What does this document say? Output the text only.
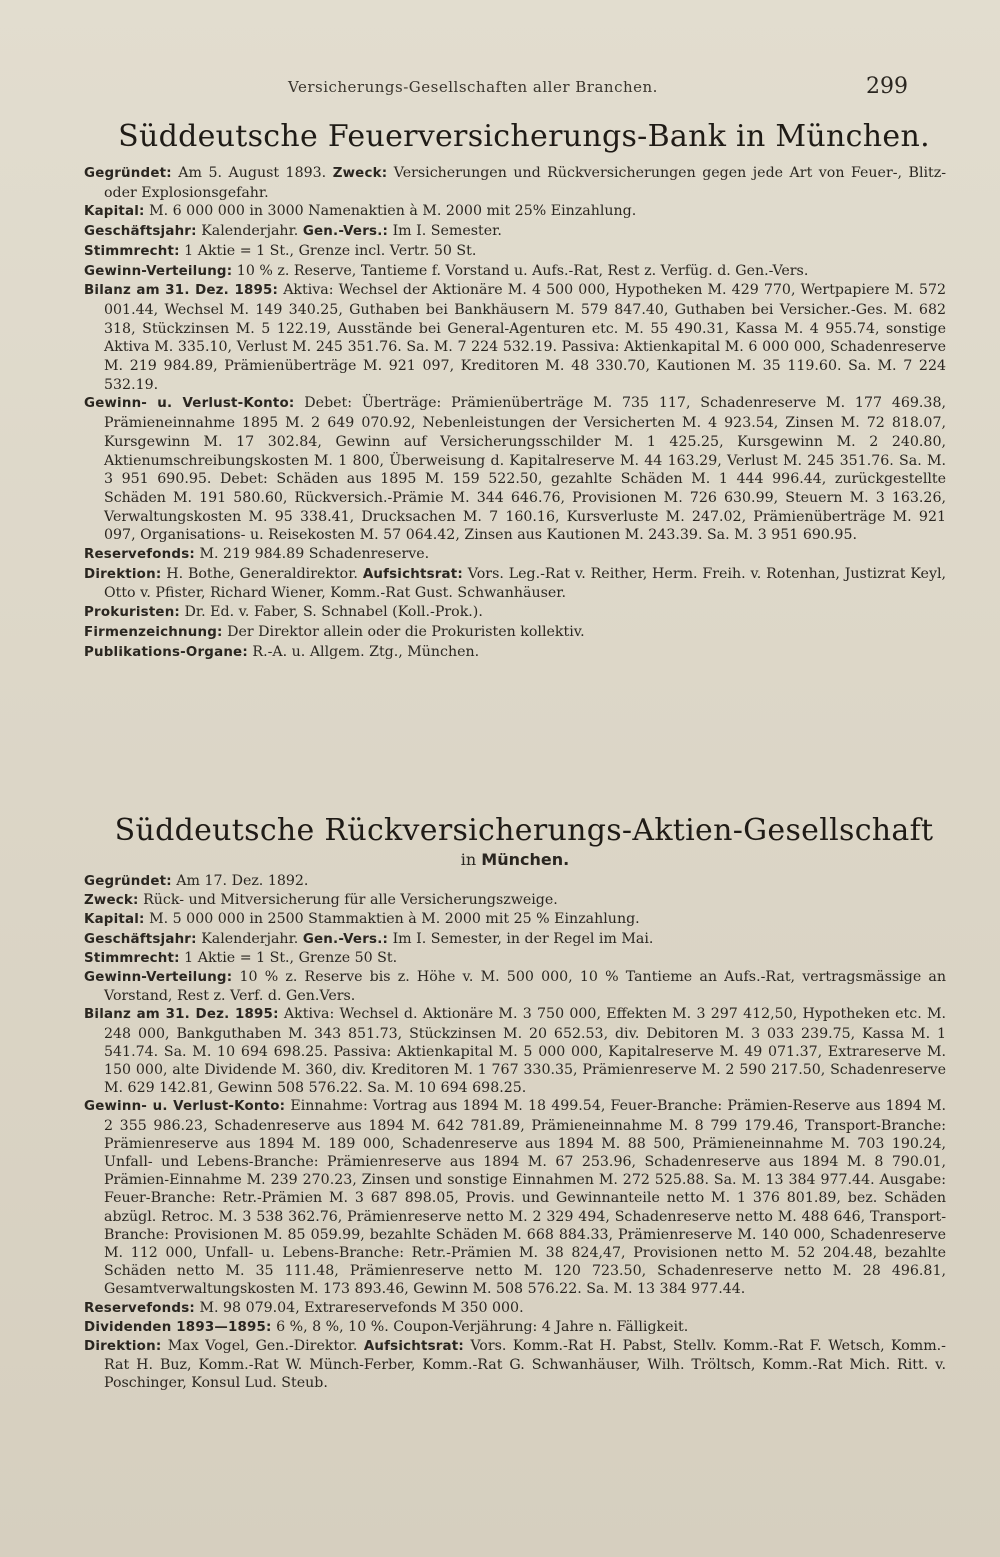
Versicherungs-Gesellschaften aller Branchen.	299
Süddeutsche Feuerversicherungs-Bank in München.

Gegründet: Am 5. August 1893. Zweck: Versicherungen und Rückversicherungen gegen jede Art von Feuer-, Blitz- oder Explosionsgefahr.

Kapital: M. 6 000 000 in 3000 Namenaktien à M. 2000 mit 25% Einzahlung.

Geschäftsjahr: Kalenderjahr. Gen.-Vers.: Im I. Semester.

Stimmrecht: 1 Aktie = 1 St., Grenze incl. Vertr. 50 St.

Gewinn-Verteilung: 10 % z. Reserve, Tantieme f. Vorstand u. Aufs.-Rat, Rest z. Verfüg. d. Gen.-Vers.

Bilanz am 31. Dez. 1895: Aktiva: Wechsel der Aktionäre M. 4 500 000, Hypotheken M. 429 770, Wertpapiere M. 572 001.44, Wechsel M. 149 340.25, Guthaben bei Bankhäusern M. 579 847.40, Guthaben bei Versicher.-Ges. M. 682 318, Stückzinsen M. 5 122.19, Ausstände bei General-Agenturen etc. M. 55 490.31, Kassa M. 4 955.74, sonstige Aktiva M. 335.10, Verlust M. 245 351.76. Sa. M. 7 224 532.19. Passiva: Aktienkapital M. 6 000 000, Schadenreserve M. 219 984.89, Prämienüberträge M. 921 097, Kreditoren M. 48 330.70, Kautionen M. 35 119.60. Sa. M. 7 224 532.19.

Gewinn- u. Verlust-Konto: Debet: Überträge: Prämienüberträge M. 735 117, Schadenreserve M. 177 469.38, Prämieneinnahme 1895 M. 2 649 070.92, Nebenleistungen der Versicherten M. 4 923.54, Zinsen M. 72 818.07, Kursgewinn M. 17 302.84, Gewinn auf Versicherungsschilder M. 1 425.25, Kursgewinn M. 2 240.80, Aktienumschreibungskosten M. 1 800, Überweisung d. Kapitalreserve M. 44 163.29, Verlust M. 245 351.76. Sa. M. 3 951 690.95. Debet: Schäden aus 1895 M. 159 522.50, gezahlte Schäden M. 1 444 996.44, zurückgestellte Schäden M. 191 580.60, Rückversich.-Prämie M. 344 646.76, Provisionen M. 726 630.99, Steuern M. 3 163.26, Verwaltungskosten M. 95 338.41, Drucksachen M. 7 160.16, Kursverluste M. 247.02, Prämienüberträge M. 921 097, Organisations- u. Reisekosten M. 57 064.42, Zinsen aus Kautionen M. 243.39. Sa. M. 3 951 690.95.

Reservefonds: M. 219 984.89 Schadenreserve.

Direktion: H. Bothe, Generaldirektor. Aufsichtsrat: Vors. Leg.-Rat v. Reither, Herm. Freih. v. Rotenhan, Justizrat Keyl, Otto v. Pfister, Richard Wiener, Komm.-Rat Gust. Schwanhäuser.

Prokuristen: Dr. Ed. v. Faber, S. Schnabel (Koll.-Prok.).

Firmenzeichnung: Der Direktor allein oder die Prokuristen kollektiv.

Publikations-Organe: R.-A. u. Allgem. Ztg., München.

Süddeutsche Rückversicherungs-Aktien-Gesellschaft
in München.

Gegründet: Am 17. Dez. 1892.

Zweck: Rück- und Mitversicherung für alle Versicherungszweige.

Kapital: M. 5 000 000 in 2500 Stammaktien à M. 2000 mit 25 % Einzahlung.

Geschäftsjahr: Kalenderjahr. Gen.-Vers.: Im I. Semester, in der Regel im Mai.

Stimmrecht: 1 Aktie = 1 St., Grenze 50 St.

Gewinn-Verteilung: 10 % z. Reserve bis z. Höhe v. M. 500 000, 10 % Tantieme an Aufs.-Rat, vertragsmässige an Vorstand, Rest z. Verf. d. Gen.Vers.

Bilanz am 31. Dez. 1895: Aktiva: Wechsel d. Aktionäre M. 3 750 000, Effekten M. 3 297 412,50, Hypotheken etc. M. 248 000, Bankguthaben M. 343 851.73, Stückzinsen M. 20 652.53, div. Debitoren M. 3 033 239.75, Kassa M. 1 541.74. Sa. M. 10 694 698.25. Passiva: Aktienkapital M. 5 000 000, Kapitalreserve M. 49 071.37, Extrareserve M. 150 000, alte Dividende M. 360, div. Kreditoren M. 1 767 330.35, Prämienreserve M. 2 590 217.50, Schadenreserve M. 629 142.81, Gewinn 508 576.22. Sa. M. 10 694 698.25.

Gewinn- u. Verlust-Konto: Einnahme: Vortrag aus 1894 M. 18 499.54, Feuer-Branche: Prämien-Reserve aus 1894 M. 2 355 986.23, Schadenreserve aus 1894 M. 642 781.89, Prämieneinnahme M. 8 799 179.46, Transport-Branche: Prämienreserve aus 1894 M. 189 000, Schadenreserve aus 1894 M. 88 500, Prämieneinnahme M. 703 190.24, Unfall- und Lebens-Branche: Prämienreserve aus 1894 M. 67 253.96, Schadenreserve aus 1894 M. 8 790.01, Prämien-Einnahme M. 239 270.23, Zinsen und sonstige Einnahmen M. 272 525.88. Sa. M. 13 384 977.44. Ausgabe: Feuer-Branche: Retr.-Prämien M. 3 687 898.05, Provis. und Gewinnanteile netto M. 1 376 801.89, bez. Schäden abzügl. Retroc. M. 3 538 362.76, Prämienreserve netto M. 2 329 494, Schadenreserve netto M. 488 646, Transport-Branche: Provisionen M. 85 059.99, bezahlte Schäden M. 668 884.33, Prämienreserve M. 140 000, Schadenreserve M. 112 000, Unfall- u. Lebens-Branche: Retr.-Prämien M. 38 824,47, Provisionen netto M. 52 204.48, bezahlte Schäden netto M. 35 111.48, Prämienreserve netto M. 120 723.50, Schadenreserve netto M. 28 496.81, Gesamtverwaltungskosten M. 173 893.46, Gewinn M. 508 576.22. Sa. M. 13 384 977.44.

Reservefonds: M. 98 079.04, Extrareservefonds M 350 000.

Dividenden 1893—1895: 6 %, 8 %, 10 %. Coupon-Verjährung: 4 Jahre n. Fälligkeit.

Direktion: Max Vogel, Gen.-Direktor. Aufsichtsrat: Vors. Komm.-Rat H. Pabst, Stellv. Komm.-Rat F. Wetsch, Komm.-Rat H. Buz, Komm.-Rat W. Münch-Ferber, Komm.-Rat G. Schwanhäuser, Wilh. Tröltsch, Komm.-Rat Mich. Ritt. v. Poschinger, Konsul Lud. Steub.
